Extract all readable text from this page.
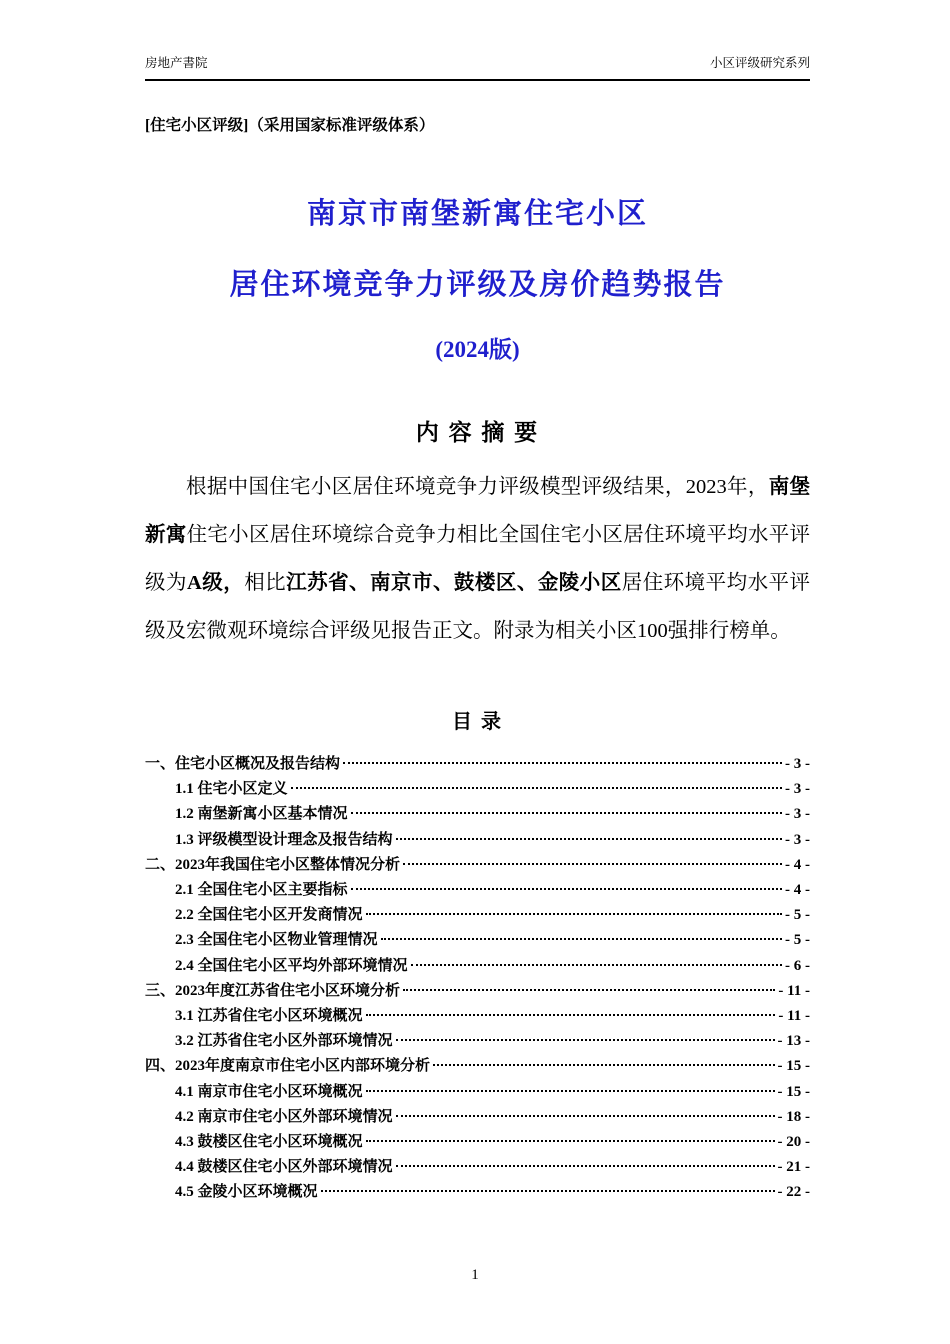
房地产書院	小区评级研究系列
[住宅小区评级]（采用国家标准评级体系）
南京市南堡新寓住宅小区
居住环境竞争力评级及房价趋势报告
(2024版)
内 容 摘 要

根据中国住宅小区居住环境竞争力评级模型评级结果，2023年，南堡新寓住宅小区居住环境综合竞争力相比全国住宅小区居住环境平均水平评级为A级，相比江苏省、南京市、鼓楼区、金陵小区居住环境平均水平评级及宏微观环境综合评级见报告正文。附录为相关小区100强排行榜单。

目 录
一、住宅小区概况及报告结构	- 3 -
1.1 住宅小区定义	- 3 -
1.2 南堡新寓小区基本情况	- 3 -
1.3 评级模型设计理念及报告结构	- 3 -
二、2023年我国住宅小区整体情况分析	- 4 -
2.1 全国住宅小区主要指标	- 4 -
2.2 全国住宅小区开发商情况	- 5 -
2.3 全国住宅小区物业管理情况	- 5 -
2.4 全国住宅小区平均外部环境情况	- 6 -
三、2023年度江苏省住宅小区环境分析	- 11 -
3.1 江苏省住宅小区环境概况	- 11 -
3.2 江苏省住宅小区外部环境情况	- 13 -
四、2023年度南京市住宅小区内部环境分析	- 15 -
4.1 南京市住宅小区环境概况	- 15 -
4.2 南京市住宅小区外部环境情况	- 18 -
4.3 鼓楼区住宅小区环境概况	- 20 -
4.4 鼓楼区住宅小区外部环境情况	- 21 -
4.5 金陵小区环境概况	- 22 -
1
